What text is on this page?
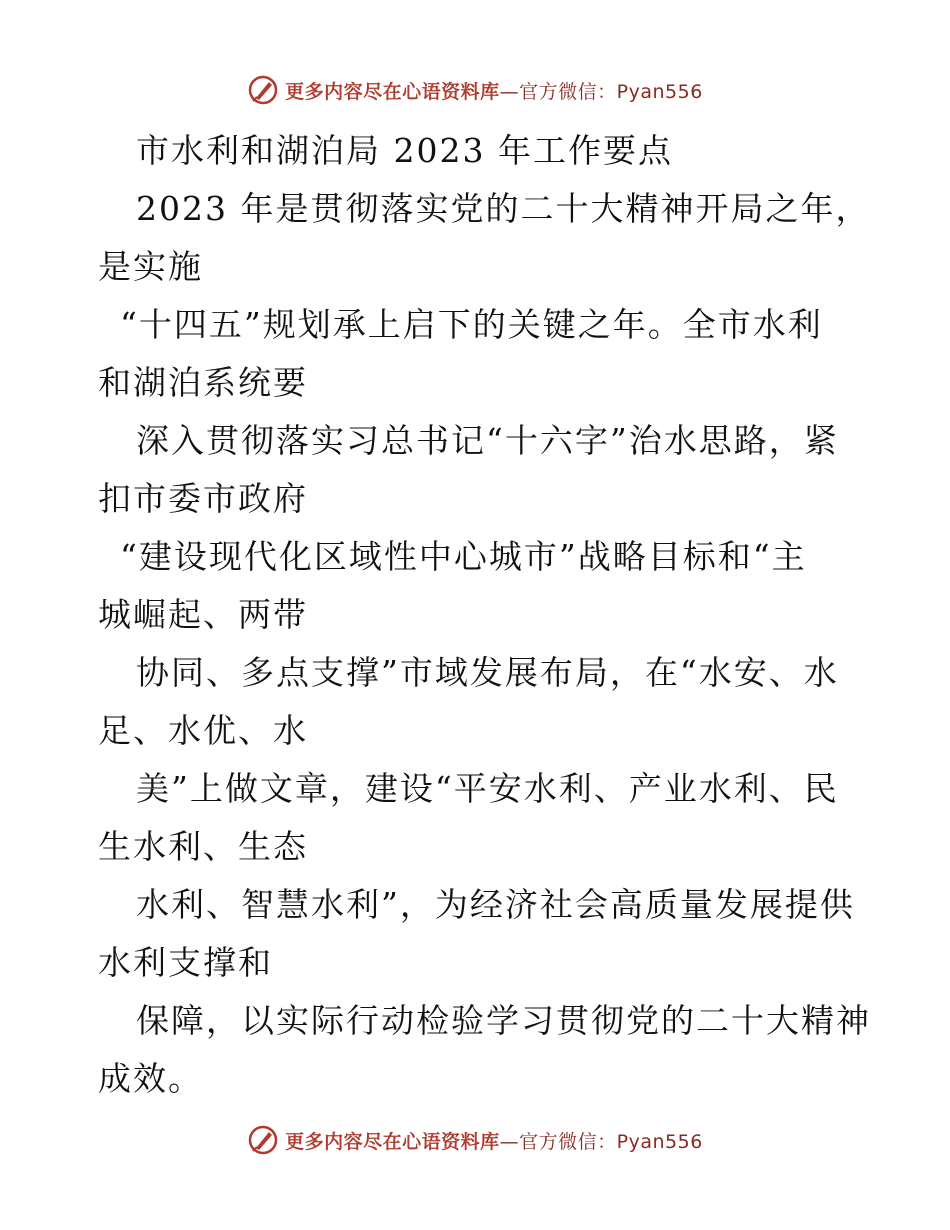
更多内容尽在心语资料库—官方微信：Pyan556
市水利和湖泊局 2023 年工作要点
2023 年是贯彻落实党的二十大精神开局之年，
是实施
“十四五”规划承上启下的关键之年。全市水利
和湖泊系统要
深入贯彻落实习总书记“十六字”治水思路，紧
扣市委市政府
“建设现代化区域性中心城市”战略目标和“主
城崛起、两带
协同、多点支撑”市域发展布局，在“水安、水
足、水优、水
美”上做文章，建设“平安水利、产业水利、民
生水利、生态
水利、智慧水利”，为经济社会高质量发展提供
水利支撑和
保障，以实际行动检验学习贯彻党的二十大精神
成效。
更多内容尽在心语资料库—官方微信：Pyan556
